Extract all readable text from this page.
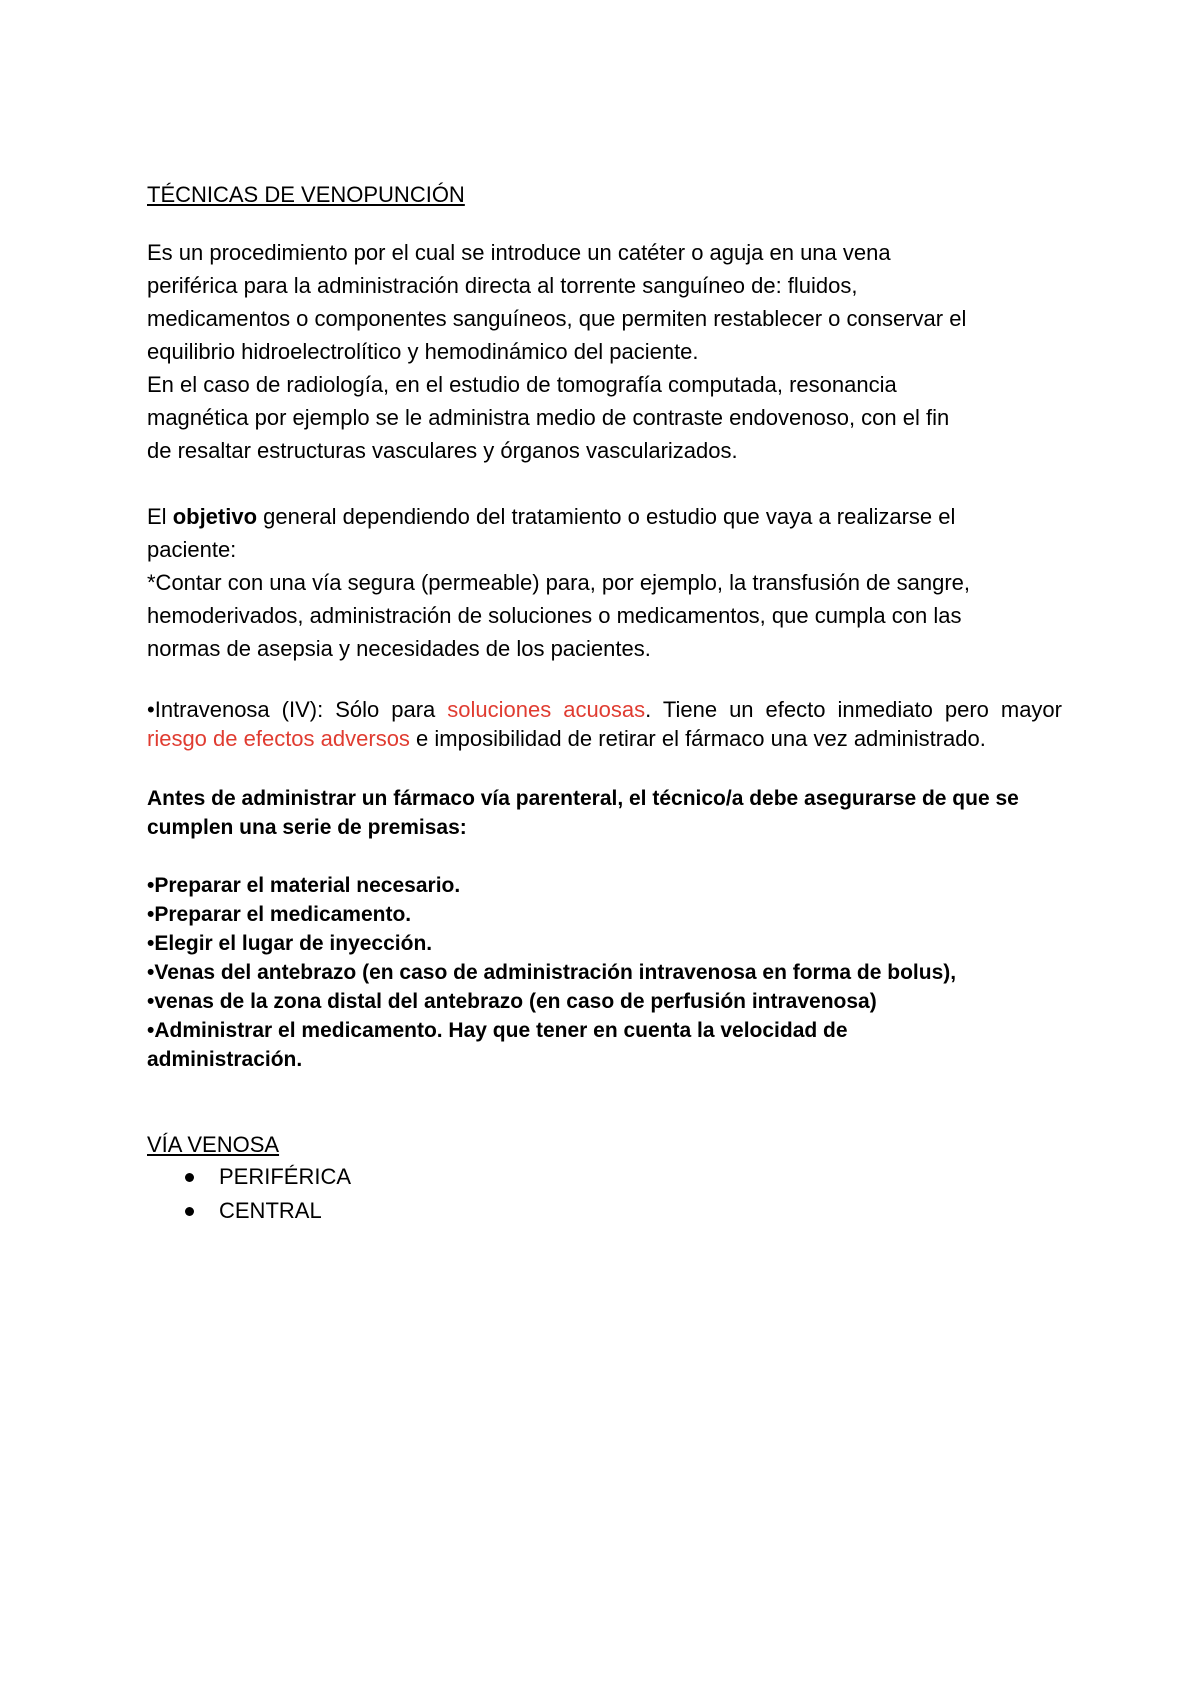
TÉCNICAS DE VENOPUNCIÓN

Es un procedimiento por el cual se introduce un catéter o aguja en una vena

periférica para la administración directa al torrente sanguíneo de: fluidos,

medicamentos o componentes sanguíneos, que permiten restablecer o conservar el

equilibrio hidroelectrolítico y hemodinámico del paciente.

En el caso de radiología, en el estudio de tomografía computada, resonancia

magnética por ejemplo se le administra medio de contraste endovenoso, con el fin

de resaltar estructuras vasculares y órganos vascularizados.

El objetivo general dependiendo del tratamiento o estudio que vaya a realizarse el

paciente:

*Contar con una vía segura (permeable) para, por ejemplo, la transfusión de sangre,

hemoderivados, administración de soluciones o medicamentos, que cumpla con las

normas de asepsia y necesidades de los pacientes.

•Intravenosa (IV): Sólo para soluciones acuosas. Tiene un efecto inmediato pero mayor riesgo de efectos adversos e imposibilidad de retirar el fármaco una vez administrado.

Antes de administrar un fármaco vía parenteral, el técnico/a debe asegurarse de que se cumplen una serie de premisas:

•Preparar el material necesario.
•Preparar el medicamento.
•Elegir el lugar de inyección.
•Venas del antebrazo (en caso de administración intravenosa en forma de bolus),
•venas de la zona distal del antebrazo (en caso de perfusión intravenosa)
•Administrar el medicamento. Hay que tener en cuenta la velocidad de administración.
VÍA VENOSA
PERIFÉRICA
CENTRAL
